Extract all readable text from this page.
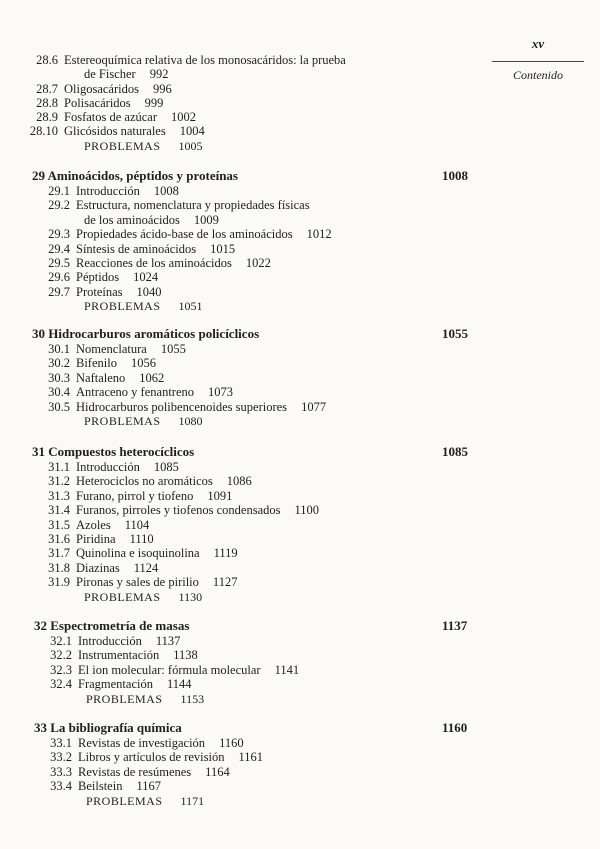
xv
Contenido
28.6 Estereoquímica relativa de los monosacáridos: la prueba
de Fischer 992
28.7 Oligosacáridos 996
28.8 Polisacáridos 999
28.9 Fosfatos de azúcar 1002
28.10 Glicósidos naturales 1004
PROBLEMAS 1005
29 Aminoácidos, péptidos y proteínas	1008
29.1 Introducción 1008
29.2 Estructura, nomenclatura y propiedades físicas
de los aminoácidos 1009
29.3 Propiedades ácido-base de los aminoácidos 1012
29.4 Síntesis de aminoácidos 1015
29.5 Reacciones de los aminoácidos 1022
29.6 Péptidos 1024
29.7 Proteínas 1040
PROBLEMAS 1051
30 Hidrocarburos aromáticos policíclicos	1055
30.1 Nomenclatura 1055
30.2 Bifenilo 1056
30.3 Naftaleno 1062
30.4 Antraceno y fenantreno 1073
30.5 Hidrocarburos polibencenoides superiores 1077
PROBLEMAS 1080
31 Compuestos heterocíclicos	1085
31.1 Introducción 1085
31.2 Heterociclos no aromáticos 1086
31.3 Furano, pirrol y tiofeno 1091
31.4 Furanos, pirroles y tiofenos condensados 1100
31.5 Azoles 1104
31.6 Piridina 1110
31.7 Quinolina e isoquinolina 1119
31.8 Diazinas 1124
31.9 Pironas y sales de pirilio 1127
PROBLEMAS 1130
32 Espectrometría de masas	1137
32.1 Introducción 1137
32.2 Instrumentación 1138
32.3 El ion molecular: fórmula molecular 1141
32.4 Fragmentación 1144
PROBLEMAS 1153
33 La bibliografía química	1160
33.1 Revistas de investigación 1160
33.2 Libros y artículos de revisión 1161
33.3 Revistas de resúmenes 1164
33.4 Beilstein 1167
PROBLEMAS 1171
